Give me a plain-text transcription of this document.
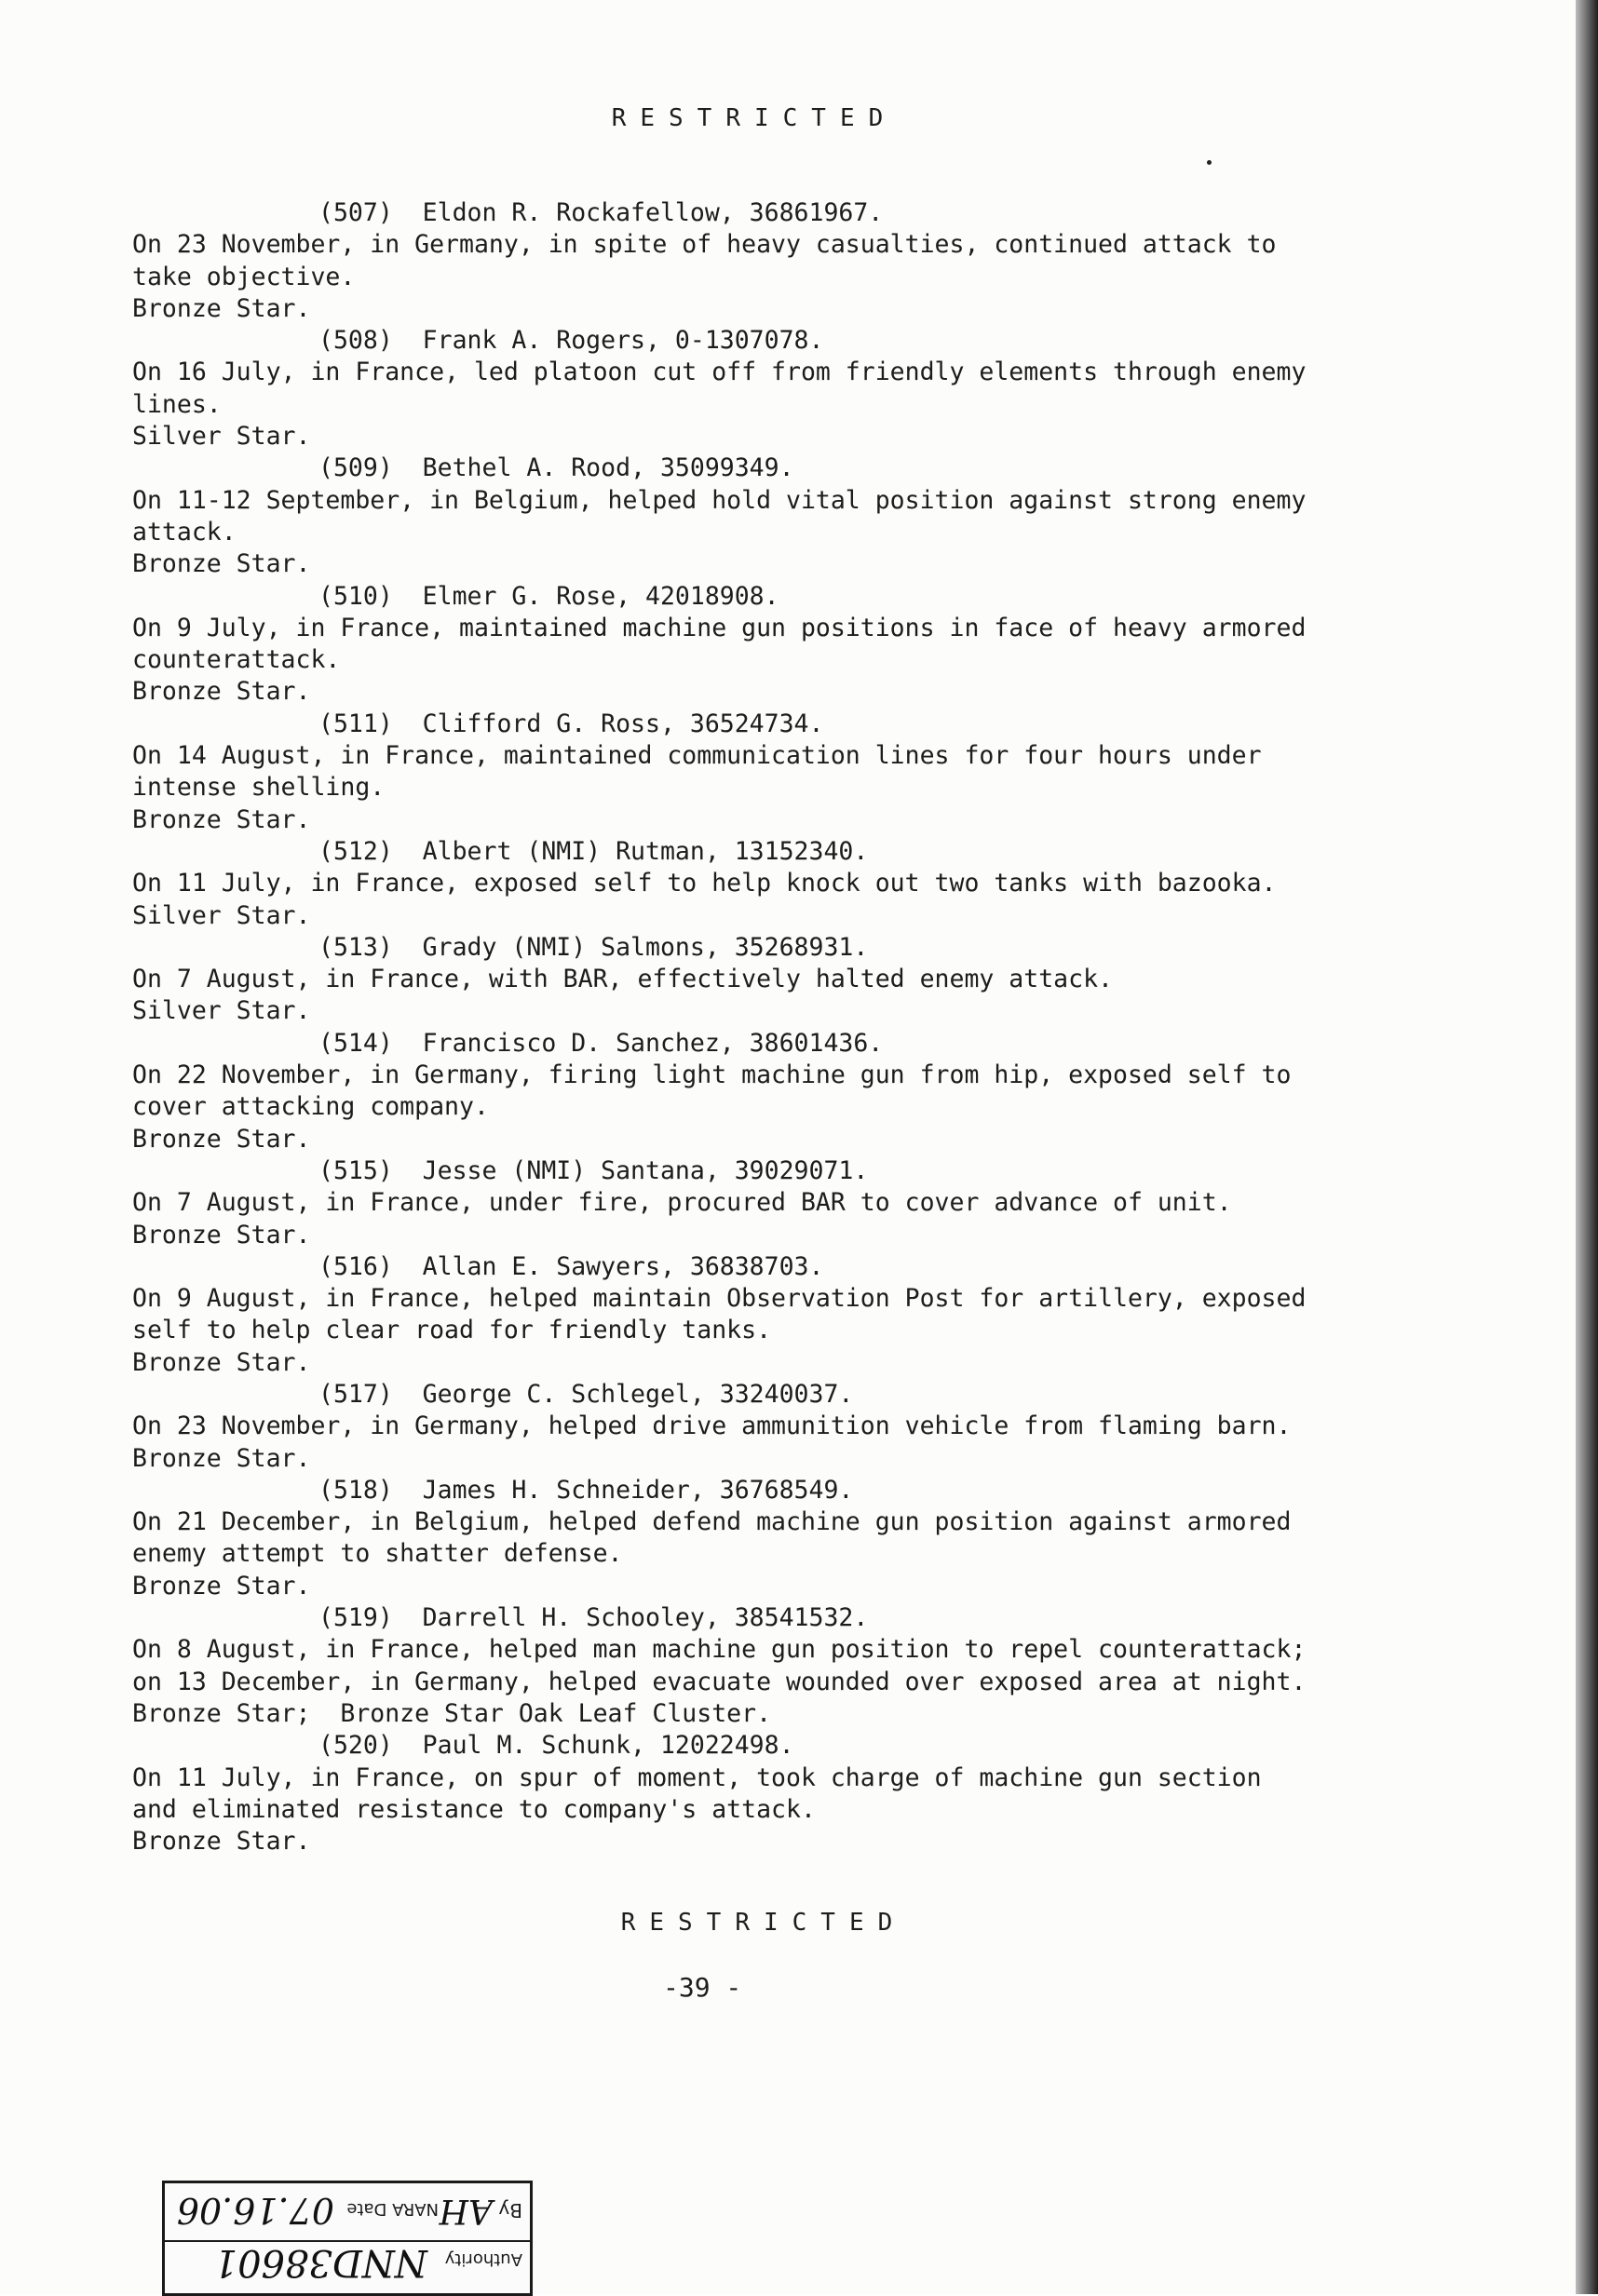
RESTRICTED
(507)  Eldon R. Rockafellow, 36861967.
On 23 November, in Germany, in spite of heavy casualties, continued attack to
take objective.
Bronze Star.
(508)  Frank A. Rogers, 0-1307078.
On 16 July, in France, led platoon cut off from friendly elements through enemy
lines.
Silver Star.
(509)  Bethel A. Rood, 35099349.
On 11-12 September, in Belgium, helped hold vital position against strong enemy
attack.
Bronze Star.
(510)  Elmer G. Rose, 42018908.
On 9 July, in France, maintained machine gun positions in face of heavy armored
counterattack.
Bronze Star.
(511)  Clifford G. Ross, 36524734.
On 14 August, in France, maintained communication lines for four hours under
intense shelling.
Bronze Star.
(512)  Albert (NMI) Rutman, 13152340.
On 11 July, in France, exposed self to help knock out two tanks with bazooka.
Silver Star.
(513)  Grady (NMI) Salmons, 35268931.
On 7 August, in France, with BAR, effectively halted enemy attack.
Silver Star.
(514)  Francisco D. Sanchez, 38601436.
On 22 November, in Germany, firing light machine gun from hip, exposed self to
cover attacking company.
Bronze Star.
(515)  Jesse (NMI) Santana, 39029071.
On 7 August, in France, under fire, procured BAR to cover advance of unit.
Bronze Star.
(516)  Allan E. Sawyers, 36838703.
On 9 August, in France, helped maintain Observation Post for artillery, exposed
self to help clear road for friendly tanks.
Bronze Star.
(517)  George C. Schlegel, 33240037.
On 23 November, in Germany, helped drive ammunition vehicle from flaming barn.
Bronze Star.
(518)  James H. Schneider, 36768549.
On 21 December, in Belgium, helped defend machine gun position against armored
enemy attempt to shatter defense.
Bronze Star.
(519)  Darrell H. Schooley, 38541532.
On 8 August, in France, helped man machine gun position to repel counterattack;
on 13 December, in Germany, helped evacuate wounded over exposed area at night.
Bronze Star;  Bronze Star Oak Leaf Cluster.
(520)  Paul M. Schunk, 12022498.
On 11 July, in France, on spur of moment, took charge of machine gun section
and eliminated resistance to company's attack.
Bronze Star.
RESTRICTED
-39 -
Authority
NND38601
By
AH
NARA Date
07.16.06
